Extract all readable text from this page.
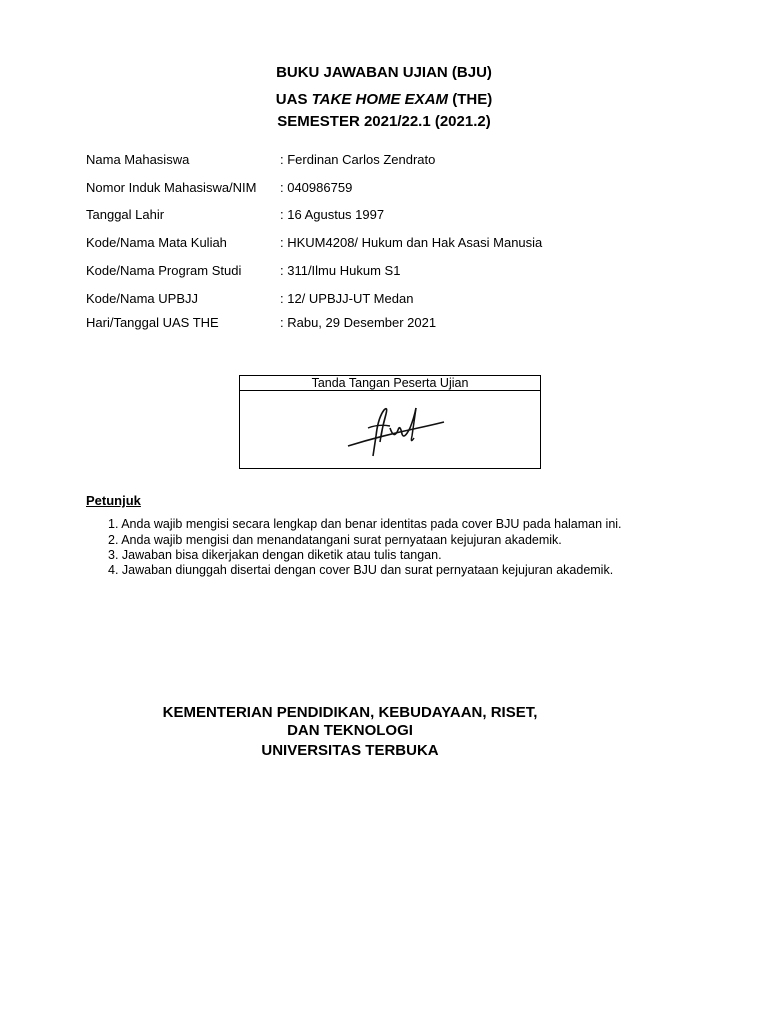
BUKU JAWABAN UJIAN (BJU)
UAS TAKE HOME EXAM (THE)
SEMESTER 2021/22.1 (2021.2)
Nama Mahasiswa	: Ferdinan Carlos Zendrato
Nomor Induk Mahasiswa/NIM : 040986759
Tanggal Lahir	: 16 Agustus 1997
Kode/Nama Mata Kuliah	: HKUM4208/ Hukum dan Hak Asasi Manusia
Kode/Nama Program Studi	: 311/Ilmu Hukum S1
Kode/Nama UPBJJ	: 12/ UPBJJ-UT Medan
Hari/Tanggal UAS THE	: Rabu, 29 Desember 2021
Tanda Tangan Peserta Ujian
Petunjuk
1. Anda wajib mengisi secara lengkap dan benar identitas pada cover BJU pada halaman ini.
2. Anda wajib mengisi dan menandatangani surat pernyataan kejujuran akademik.
3. Jawaban bisa dikerjakan dengan diketik atau tulis tangan.
4. Jawaban diunggah disertai dengan cover BJU dan surat pernyataan kejujuran akademik.
KEMENTERIAN PENDIDIKAN, KEBUDAYAAN, RISET,
DAN TEKNOLOGI
UNIVERSITAS TERBUKA
